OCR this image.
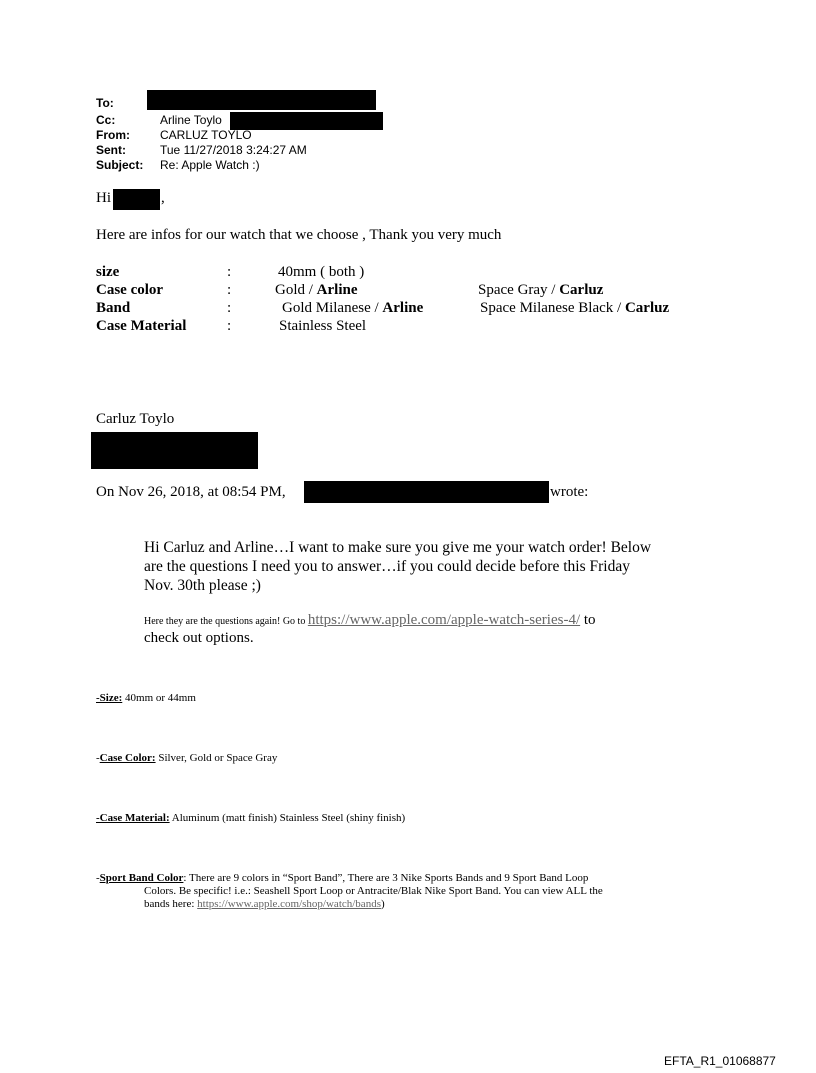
To:
Cc:	Arline Toylo
From:	CARLUZ TOYLO
Sent:	Tue 11/27/2018 3:24:27 AM
Subject: Re: Apple Watch :)
Hi	,
Here are infos for our watch that we choose , Thank you very much
size	:	40mm ( both )
Case color	:	Gold / Arline	Space Gray / Carluz
Band	:	Gold Milanese / Arline	Space Milanese Black / Carluz
Case Material	:	Stainless Steel
Carluz Toylo
On Nov 26, 2018, at 08:54 PM,	wrote:
Hi Carluz and Arline…I want to make sure you give me your watch order! Below
are the questions I need you to answer…if you could decide before this Friday
Nov. 30th please ;)
Here they are the questions again! Go to https://www.apple.com/apple-watch-series-4/ to
check out options.
-Size: 40mm or 44mm
-Case Color: Silver, Gold or Space Gray
-Case Material: Aluminum (matt finish) Stainless Steel (shiny finish)
-Sport Band Color: There are 9 colors in “Sport Band”, There are 3 Nike Sports Bands and 9 Sport Band Loop
Colors. Be specific! i.e.: Seashell Sport Loop or Antracite/Blak Nike Sport Band. You can view ALL the
bands here: https://www.apple.com/shop/watch/bands)
EFTA_R1_01068877
